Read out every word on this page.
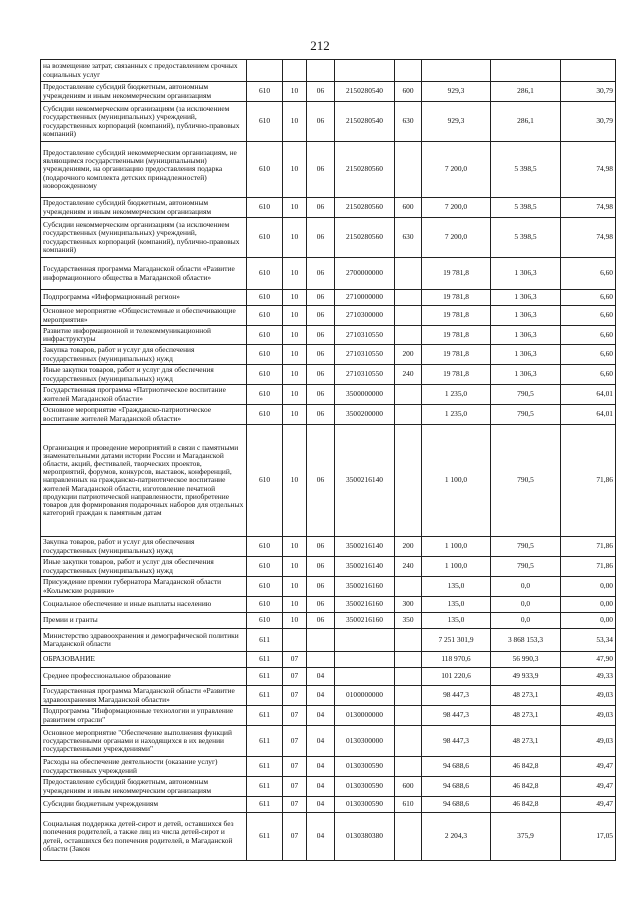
212
на возмещение затрат, связанных с предоставлением срочных социальных услуг								
Предоставление субсидий бюджетным, автономным учреждениям и иным некоммерческим организациям	610	10	06	2150280540	600	929,3	286,1	30,79
Субсидии некоммерческим организациям (за исключением государственных (муниципальных) учреждений, государственных корпораций (компаний), публично-правовых компаний)	610	10	06	2150280540	630	929,3	286,1	30,79
Предоставление субсидий некоммерческим организациям, не являющимся государственными (муниципальными) учреждениями, на организацию предоставления подарка (подарочного комплекта детских принадлежностей) новорожденному	610	10	06	2150280560		7 200,0	5 398,5	74,98
Предоставление субсидий бюджетным, автономным учреждениям и иным некоммерческим организациям	610	10	06	2150280560	600	7 200,0	5 398,5	74,98
Субсидии некоммерческим организациям (за исключением государственных (муниципальных) учреждений, государственных корпораций (компаний), публично-правовых компаний)	610	10	06	2150280560	630	7 200,0	5 398,5	74,98
Государственная программа Магаданской области «Развитие информационного общества в Магаданской области»	610	10	06	2700000000		19 781,8	1 306,3	6,60
Подпрограмма «Информационный регион»	610	10	06	2710000000		19 781,8	1 306,3	6,60
Основное мероприятие «Общесистемные и обеспечивающие мероприятия»	610	10	06	2710300000		19 781,8	1 306,3	6,60
Развитие информационной и телекоммуникационной инфраструктуры	610	10	06	2710310550		19 781,8	1 306,3	6,60
Закупка товаров, работ и услуг для обеспечения государственных (муниципальных) нужд	610	10	06	2710310550	200	19 781,8	1 306,3	6,60
Иные закупки товаров, работ и услуг для обеспечения государственных (муниципальных) нужд	610	10	06	2710310550	240	19 781,8	1 306,3	6,60
Государственная программа «Патриотическое воспитание жителей Магаданской области»	610	10	06	3500000000		1 235,0	790,5	64,01
Основное мероприятие «Гражданско-патриотическое воспитание жителей Магаданской области»	610	10	06	3500200000		1 235,0	790,5	64,01
Организация и проведение мероприятий в связи с памятными знаменательными датами истории России и Магаданской области, акций, фестивалей, творческих проектов, мероприятий, форумов, конкурсов, выставок, конференций, направленных на гражданско-патриотическое воспитание жителей Магаданской области, изготовление печатной продукции патриотической направленности, приобретение товаров для формирования подарочных наборов для отдельных категорий граждан к памятным датам	610	10	06	3500216140		1 100,0	790,5	71,86
Закупка товаров, работ и услуг для обеспечения государственных (муниципальных) нужд	610	10	06	3500216140	200	1 100,0	790,5	71,86
Иные закупки товаров, работ и услуг для обеспечения государственных (муниципальных) нужд	610	10	06	3500216140	240	1 100,0	790,5	71,86
Присуждение премии губернатора Магаданской области «Колымские родники»	610	10	06	3500216160		135,0	0,0	0,00
Социальное обеспечение и иные выплаты населению	610	10	06	3500216160	300	135,0	0,0	0,00
Премии и гранты	610	10	06	3500216160	350	135,0	0,0	0,00
Министерство здравоохранения и демографической политики Магаданской области	611					7 251 301,9	3 868 153,3	53,34
ОБРАЗОВАНИЕ	611	07				118 970,6	56 990,3	47,90
Среднее профессиональное образование	611	07	04			101 220,6	49 933,9	49,33
Государственная программа Магаданской области «Развитие здравоохранения Магаданской области»	611	07	04	0100000000		98 447,3	48 273,1	49,03
Подпрограмма "Информационные технологии и управление развитием отрасли"	611	07	04	0130000000		98 447,3	48 273,1	49,03
Основное мероприятие "Обеспечение выполнения функций государственными органами и находящихся в их ведении государственными учреждениями"	611	07	04	0130300000		98 447,3	48 273,1	49,03
Расходы на обеспечение деятельности (оказание услуг) государственных учреждений	611	07	04	0130300590		94 688,6	46 842,8	49,47
Предоставление субсидий бюджетным, автономным учреждениям и иным некоммерческим организациям	611	07	04	0130300590	600	94 688,6	46 842,8	49,47
Субсидии бюджетным учреждениям	611	07	04	0130300590	610	94 688,6	46 842,8	49,47
Социальная поддержка детей-сирот и детей, оставшихся без попечения родителей, а также лиц из числа детей-сирот и детей, оставшихся без попечения родителей, в Магаданской области (Закон	611	07	04	0130380380		2 204,3	375,9	17,05
